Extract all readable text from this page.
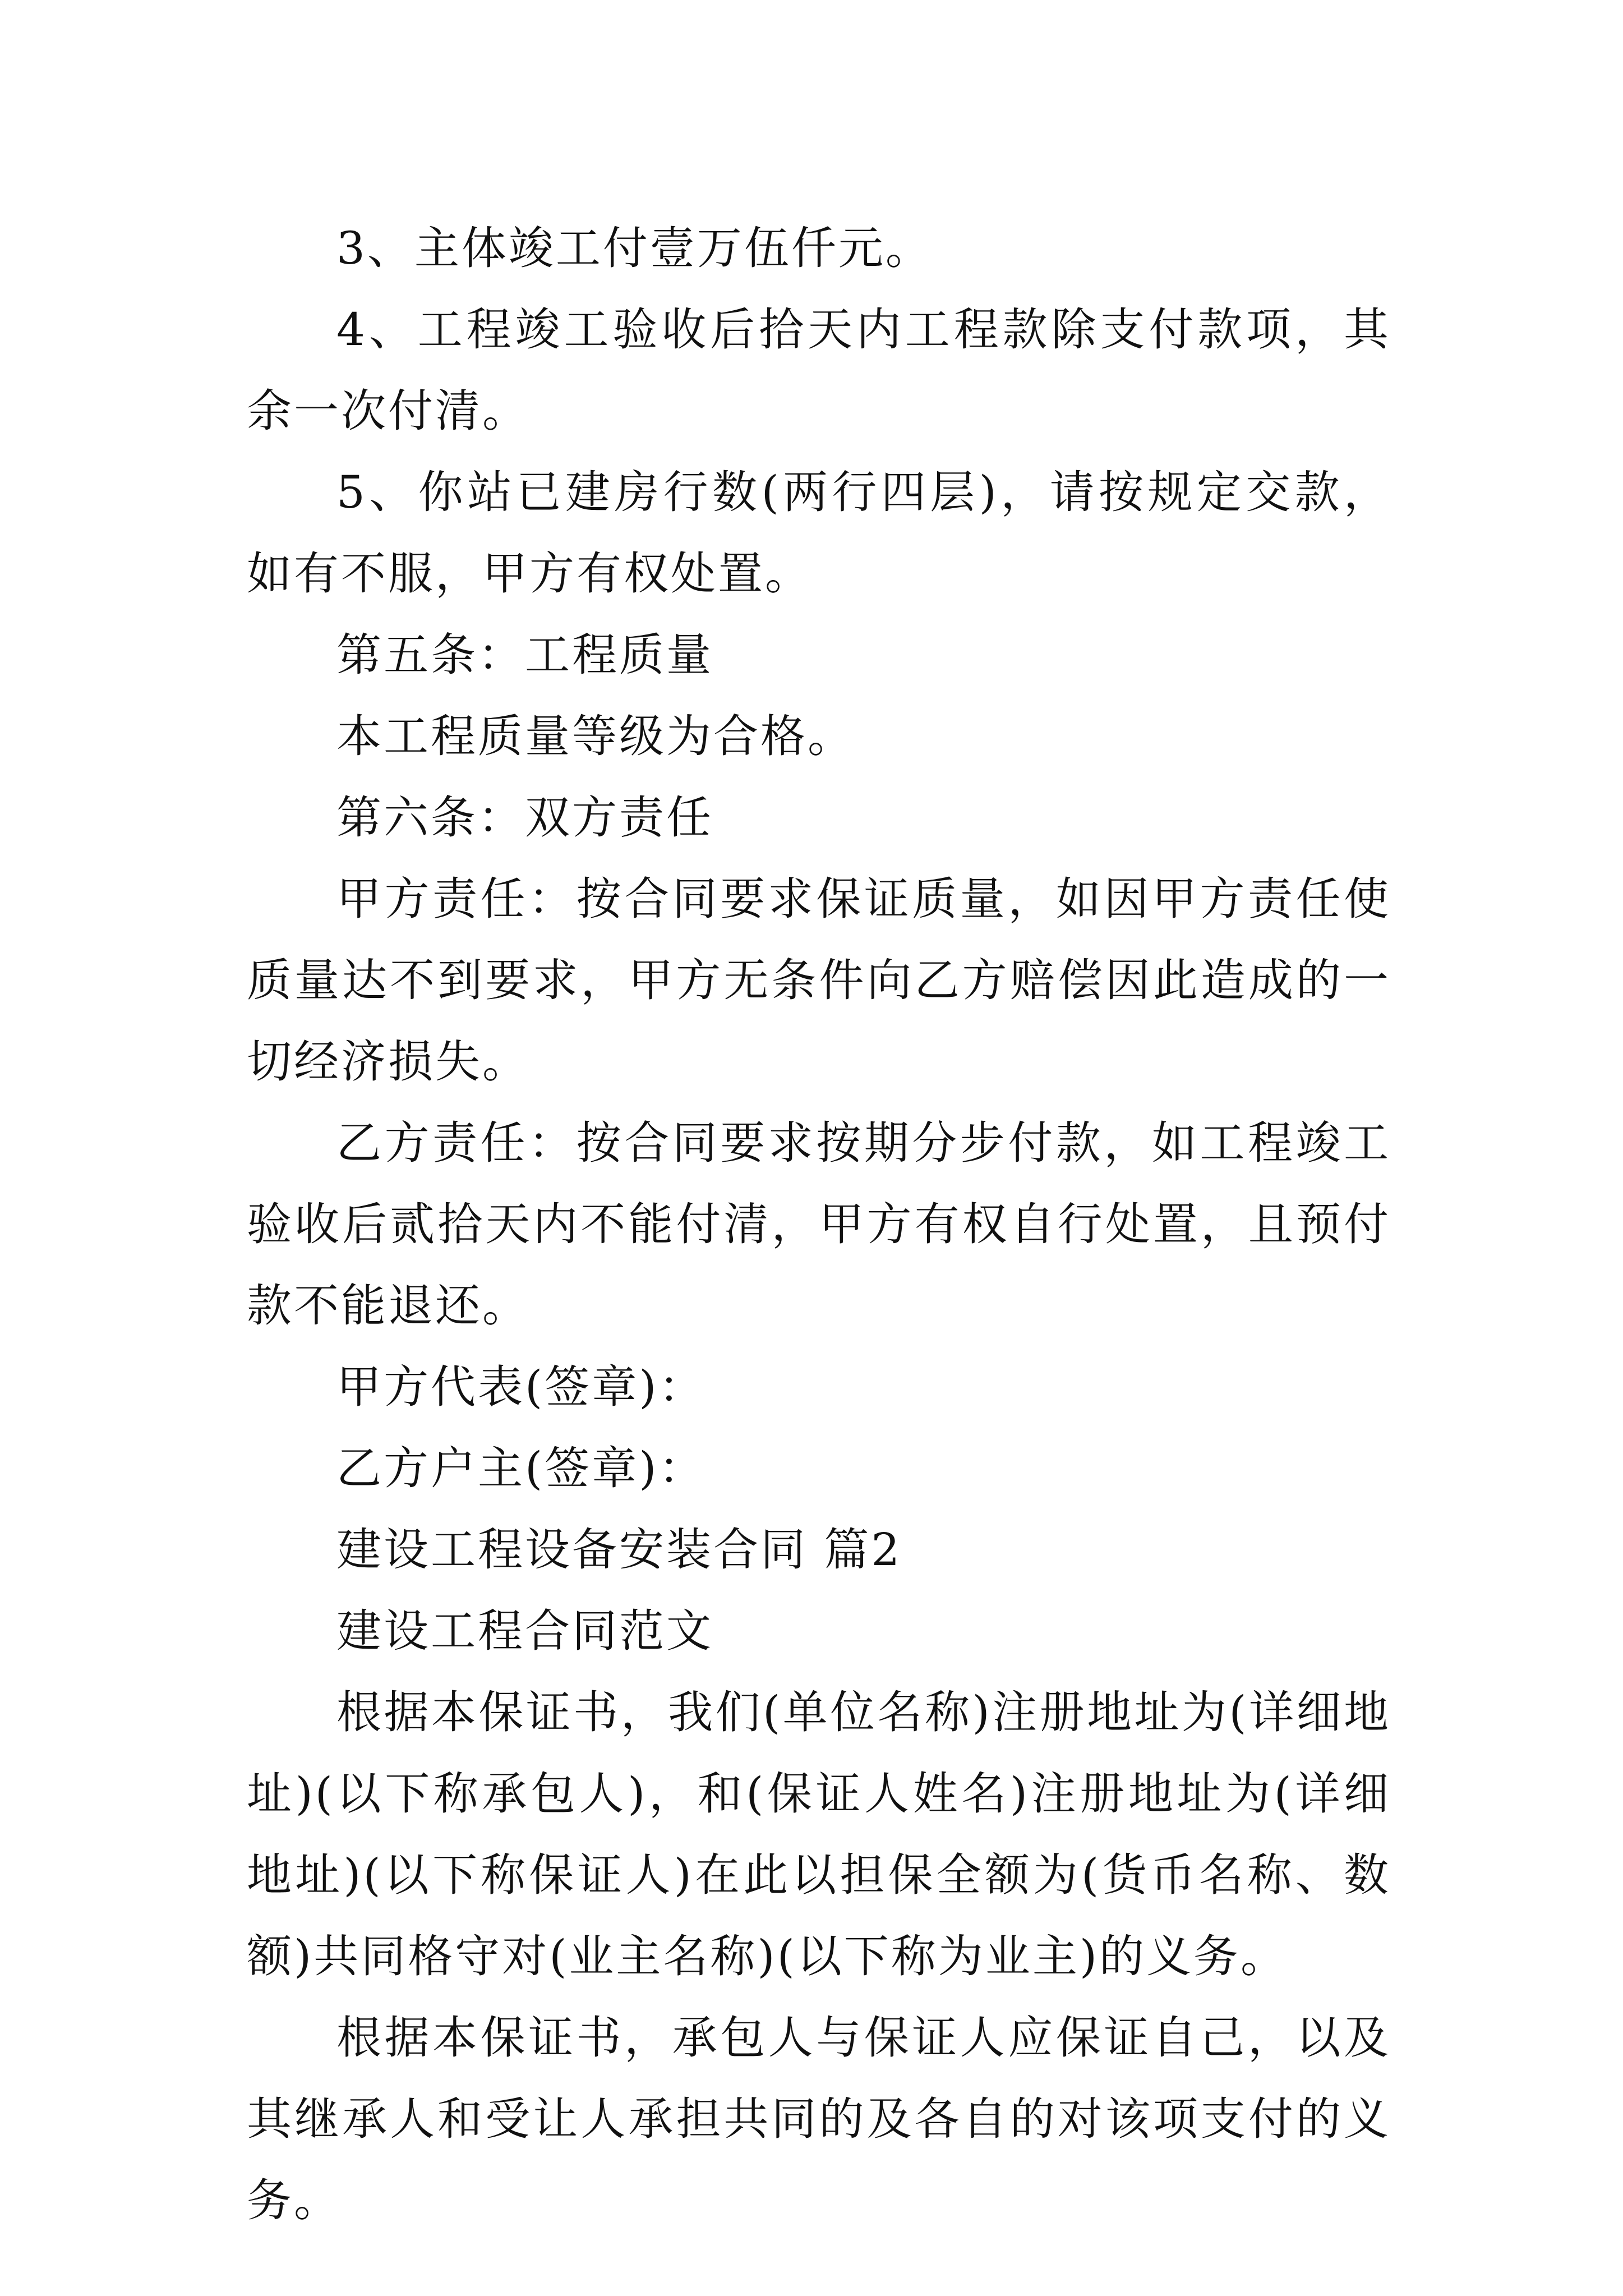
3、主体竣工付壹万伍仟元。

4、工程竣工验收后拾天内工程款除支付款项，其余一次付清。

5、你站已建房行数(两行四层)，请按规定交款，如有不服，甲方有权处置。

第五条：工程质量

本工程质量等级为合格。

第六条：双方责任

甲方责任：按合同要求保证质量，如因甲方责任使质量达不到要求，甲方无条件向乙方赔偿因此造成的一切经济损失。

乙方责任：按合同要求按期分步付款，如工程竣工验收后贰拾天内不能付清，甲方有权自行处置，且预付款不能退还。

甲方代表(签章)：

乙方户主(签章)：

建设工程设备安装合同 篇2

建设工程合同范文

根据本保证书，我们(单位名称)注册地址为(详细地址)(以下称承包人)，和(保证人姓名)注册地址为(详细地址)(以下称保证人)在此以担保全额为(货币名称、数额)共同格守对(业主名称)(以下称为业主)的义务。

根据本保证书，承包人与保证人应保证自己，以及其继承人和受让人承担共同的及各自的对该项支付的义务。
